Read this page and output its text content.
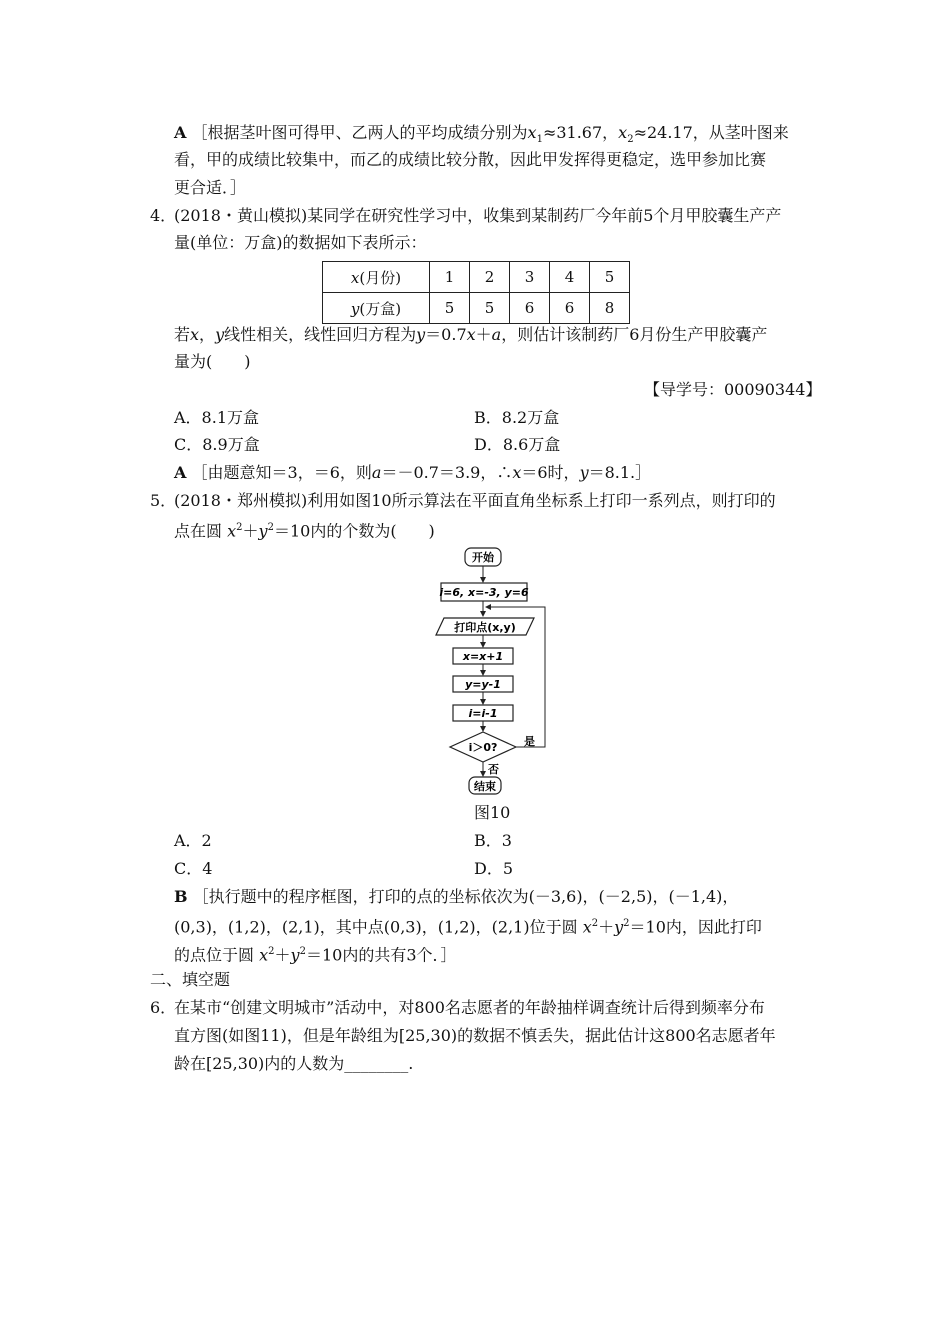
A ［根据茎叶图可得甲、乙两人的平均成绩分别为$x_1\approx 31.67$，$x_2\approx 24.17$，从茎叶图来
看，甲的成绩比较集中，而乙的成绩比较分散，因此甲发挥得更稳定，选甲参加比赛
更合适．］
4．
(2018・黄山模拟)某同学在研究性学习中，收集到某制药厂今年前5个月甲胶囊生产产
量(单位：万盒)的数据如下表所示：
x(月份)	1	2	3	4	5
y(万盒)	5	5	6	6	8
若x，y线性相关，线性回归方程为y＝0.7x＋a，则估计该制药厂6月份生产甲胶囊产
量为(　　)
【导学号：00090344】
A．8.1万盒	B．8.2万盒
C．8.9万盒	D．8.6万盒
A ［由题意知＝3，＝6，则a＝－0.7＝3.9，∴x＝6时，y＝8.1.］
5．
(2018・郑州模拟)利用如图10所示算法在平面直角坐标系上打印一系列点，则打印的
点在圆 $x^2+y^2=10$内的个数为(　　)
开始
i=6, x=-3, y=6
打印点(x,y)
x=x+1
y=y-1
i=i-1
i＞0? 是
否
结束
图10
A．2	B．3
C．4	D．5
B ［执行题中的程序框图，打印的点的坐标依次为(－3,6)，(－2,5)，(－1,4)，
(0,3)，(1,2)，(2,1)，其中点(0,3)，(1,2)，(2,1)位于圆 $x^2+y^2=10$内，因此打印
的点位于圆 $x^2+y^2=10$内的共有3个．］
二、填空题
6．
在某市“创建文明城市”活动中，对800名志愿者的年龄抽样调查统计后得到频率分布
直方图(如图11)，但是年龄组为[25,30)的数据不慎丢失，据此估计这800名志愿者年
龄在[25,30)内的人数为________.
